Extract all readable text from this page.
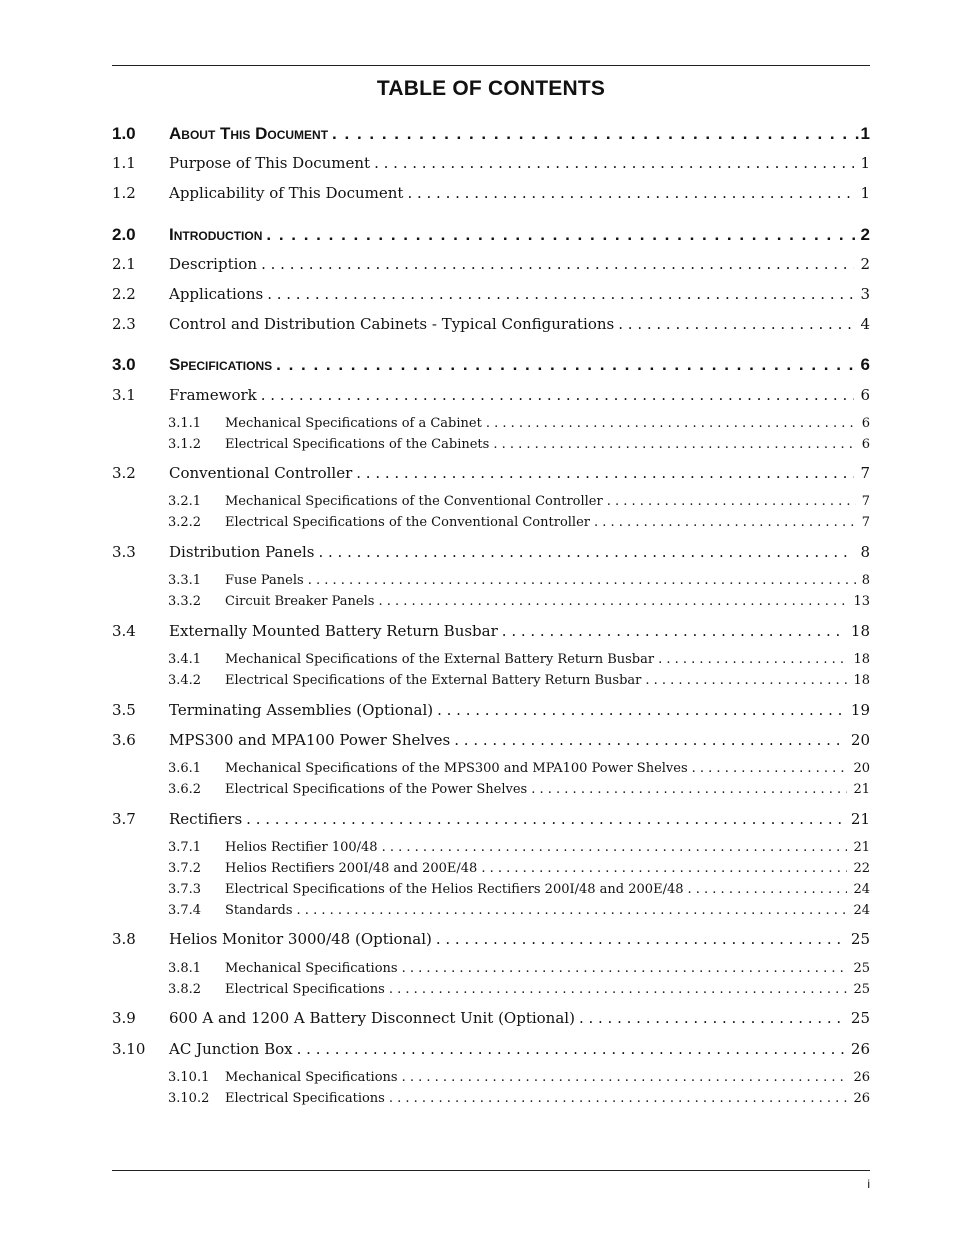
TABLE OF CONTENTS
1.0	About This Document . . .	1
1.1	Purpose of This Document . . .	1
1.2	Applicability of This Document . . .	1
2.0	Introduction . . .	2
2.1	Description . . .	2
2.2	Applications . . .	3
2.3	Control and Distribution Cabinets - Typical Configurations . . .	4
3.0	Specifications . . .	6
3.1	Framework . . .	6
3.1.1	Mechanical Specifications of a Cabinet . . .	6
3.1.2	Electrical Specifications of the Cabinets . . .	6
3.2	Conventional Controller . . .	7
3.2.1	Mechanical Specifications of the Conventional Controller . . .	7
3.2.2	Electrical Specifications of the Conventional Controller . . .	7
3.3	Distribution Panels . . .	8
3.3.1	Fuse Panels . . .	8
3.3.2	Circuit Breaker Panels . . .	13
3.4	Externally Mounted Battery Return Busbar . . .	18
3.4.1	Mechanical Specifications of the External Battery Return Busbar . . .	18
3.4.2	Electrical Specifications of the External Battery Return Busbar . . .	18
3.5	Terminating Assemblies (Optional) . . .	19
3.6	MPS300 and MPA100 Power Shelves . . .	20
3.6.1	Mechanical Specifications of the MPS300 and MPA100 Power Shelves . . .	20
3.6.2	Electrical Specifications of the Power Shelves . . .	21
3.7	Rectifiers . . .	21
3.7.1	Helios Rectifier 100/48 . . .	21
3.7.2	Helios Rectifiers 200I/48 and 200E/48 . . .	22
3.7.3	Electrical Specifications of the Helios Rectifiers 200I/48 and 200E/48 . . .	24
3.7.4	Standards . . .	24
3.8	Helios Monitor 3000/48 (Optional) . . .	25
3.8.1	Mechanical Specifications . . .	25
3.8.2	Electrical Specifications . . .	25
3.9	600 A and 1200 A Battery Disconnect Unit (Optional) . . .	25
3.10	AC Junction Box . . .	26
3.10.1	Mechanical Specifications . . .	26
3.10.2	Electrical Specifications . . .	26
i
